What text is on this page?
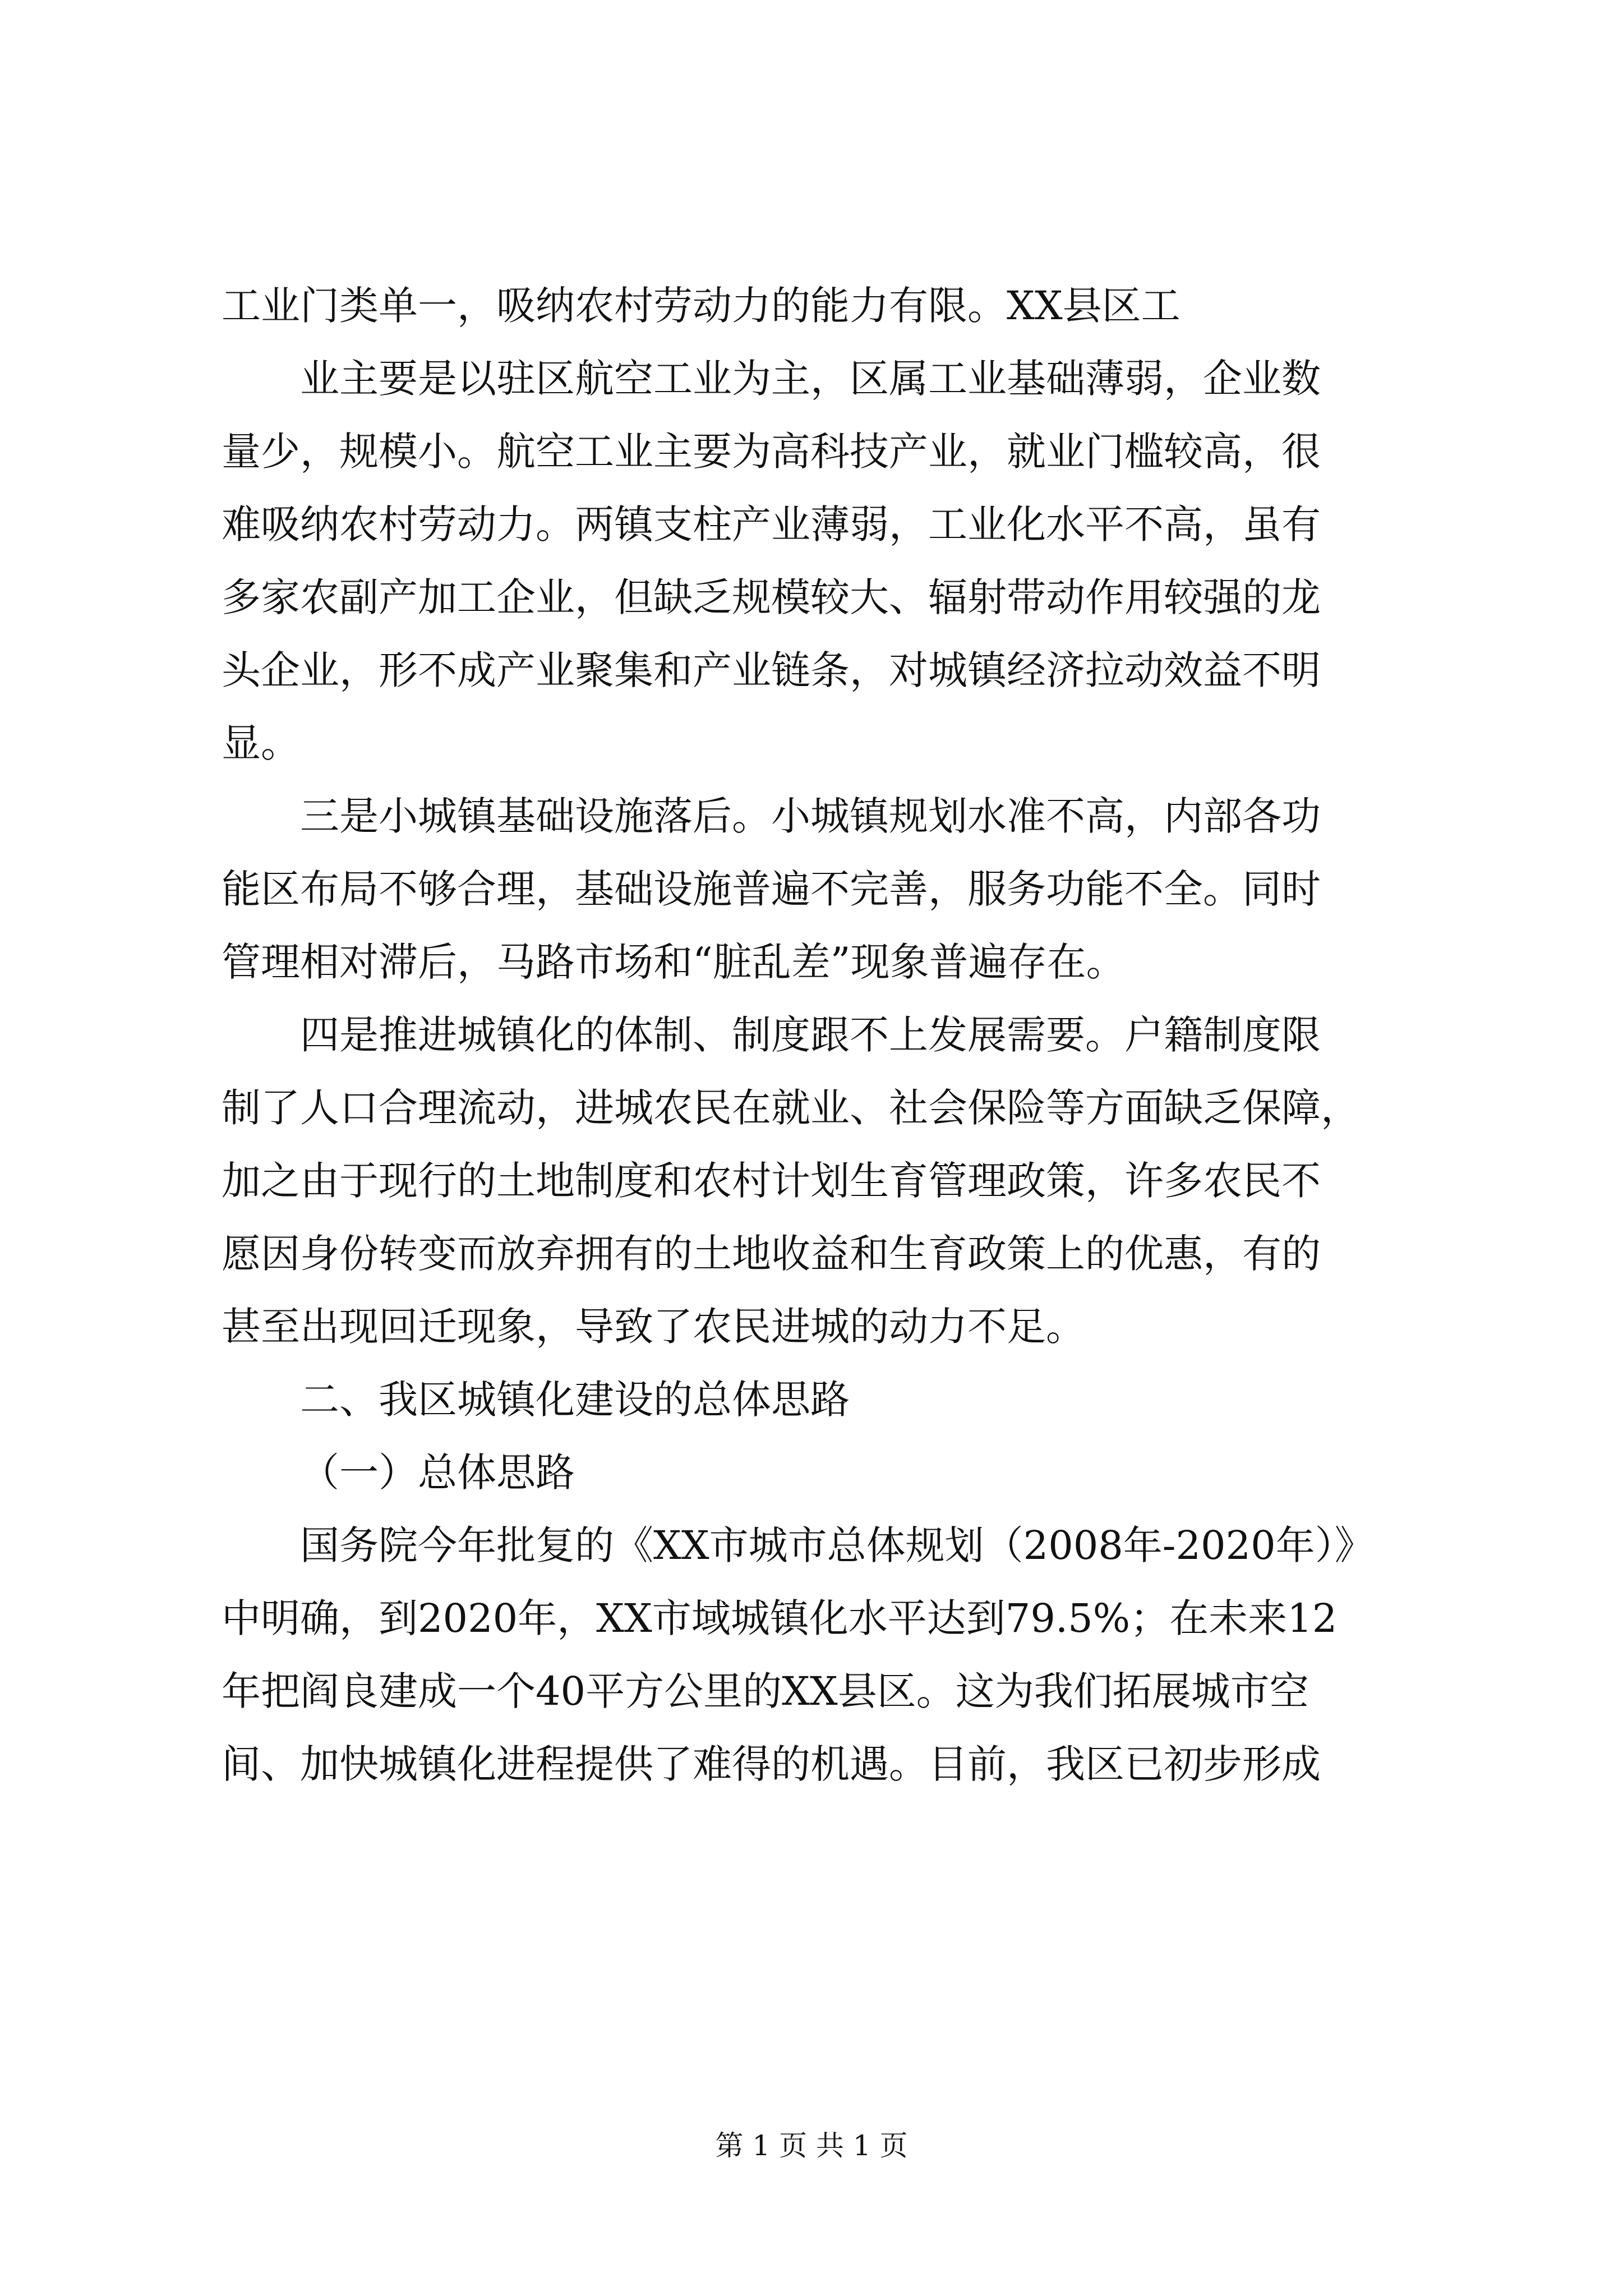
工业门类单一，吸纳农村劳动力的能力有限。XX县区工
业主要是以驻区航空工业为主，区属工业基础薄弱，企业数
量少，规模小。航空工业主要为高科技产业，就业门槛较高，很
难吸纳农村劳动力。两镇支柱产业薄弱，工业化水平不高，虽有
多家农副产加工企业，但缺乏规模较大、辐射带动作用较强的龙
头企业，形不成产业聚集和产业链条，对城镇经济拉动效益不明
显。
三是小城镇基础设施落后。小城镇规划水准不高，内部各功
能区布局不够合理，基础设施普遍不完善，服务功能不全。同时
管理相对滞后，马路市场和“脏乱差”现象普遍存在。
四是推进城镇化的体制、制度跟不上发展需要。户籍制度限
制了人口合理流动，进城农民在就业、社会保险等方面缺乏保障，
加之由于现行的土地制度和农村计划生育管理政策，许多农民不
愿因身份转变而放弃拥有的土地收益和生育政策上的优惠，有的
甚至出现回迁现象，导致了农民进城的动力不足。
二、我区城镇化建设的总体思路
（一）总体思路
国务院今年批复的《XX市城市总体规划（2008年-2020年）》
中明确，到2020年，XX市域城镇化水平达到79.5%；在未来12
年把阎良建成一个40平方公里的XX县区。这为我们拓展城市空
间、加快城镇化进程提供了难得的机遇。目前，我区已初步形成
第 1 页 共 1 页
